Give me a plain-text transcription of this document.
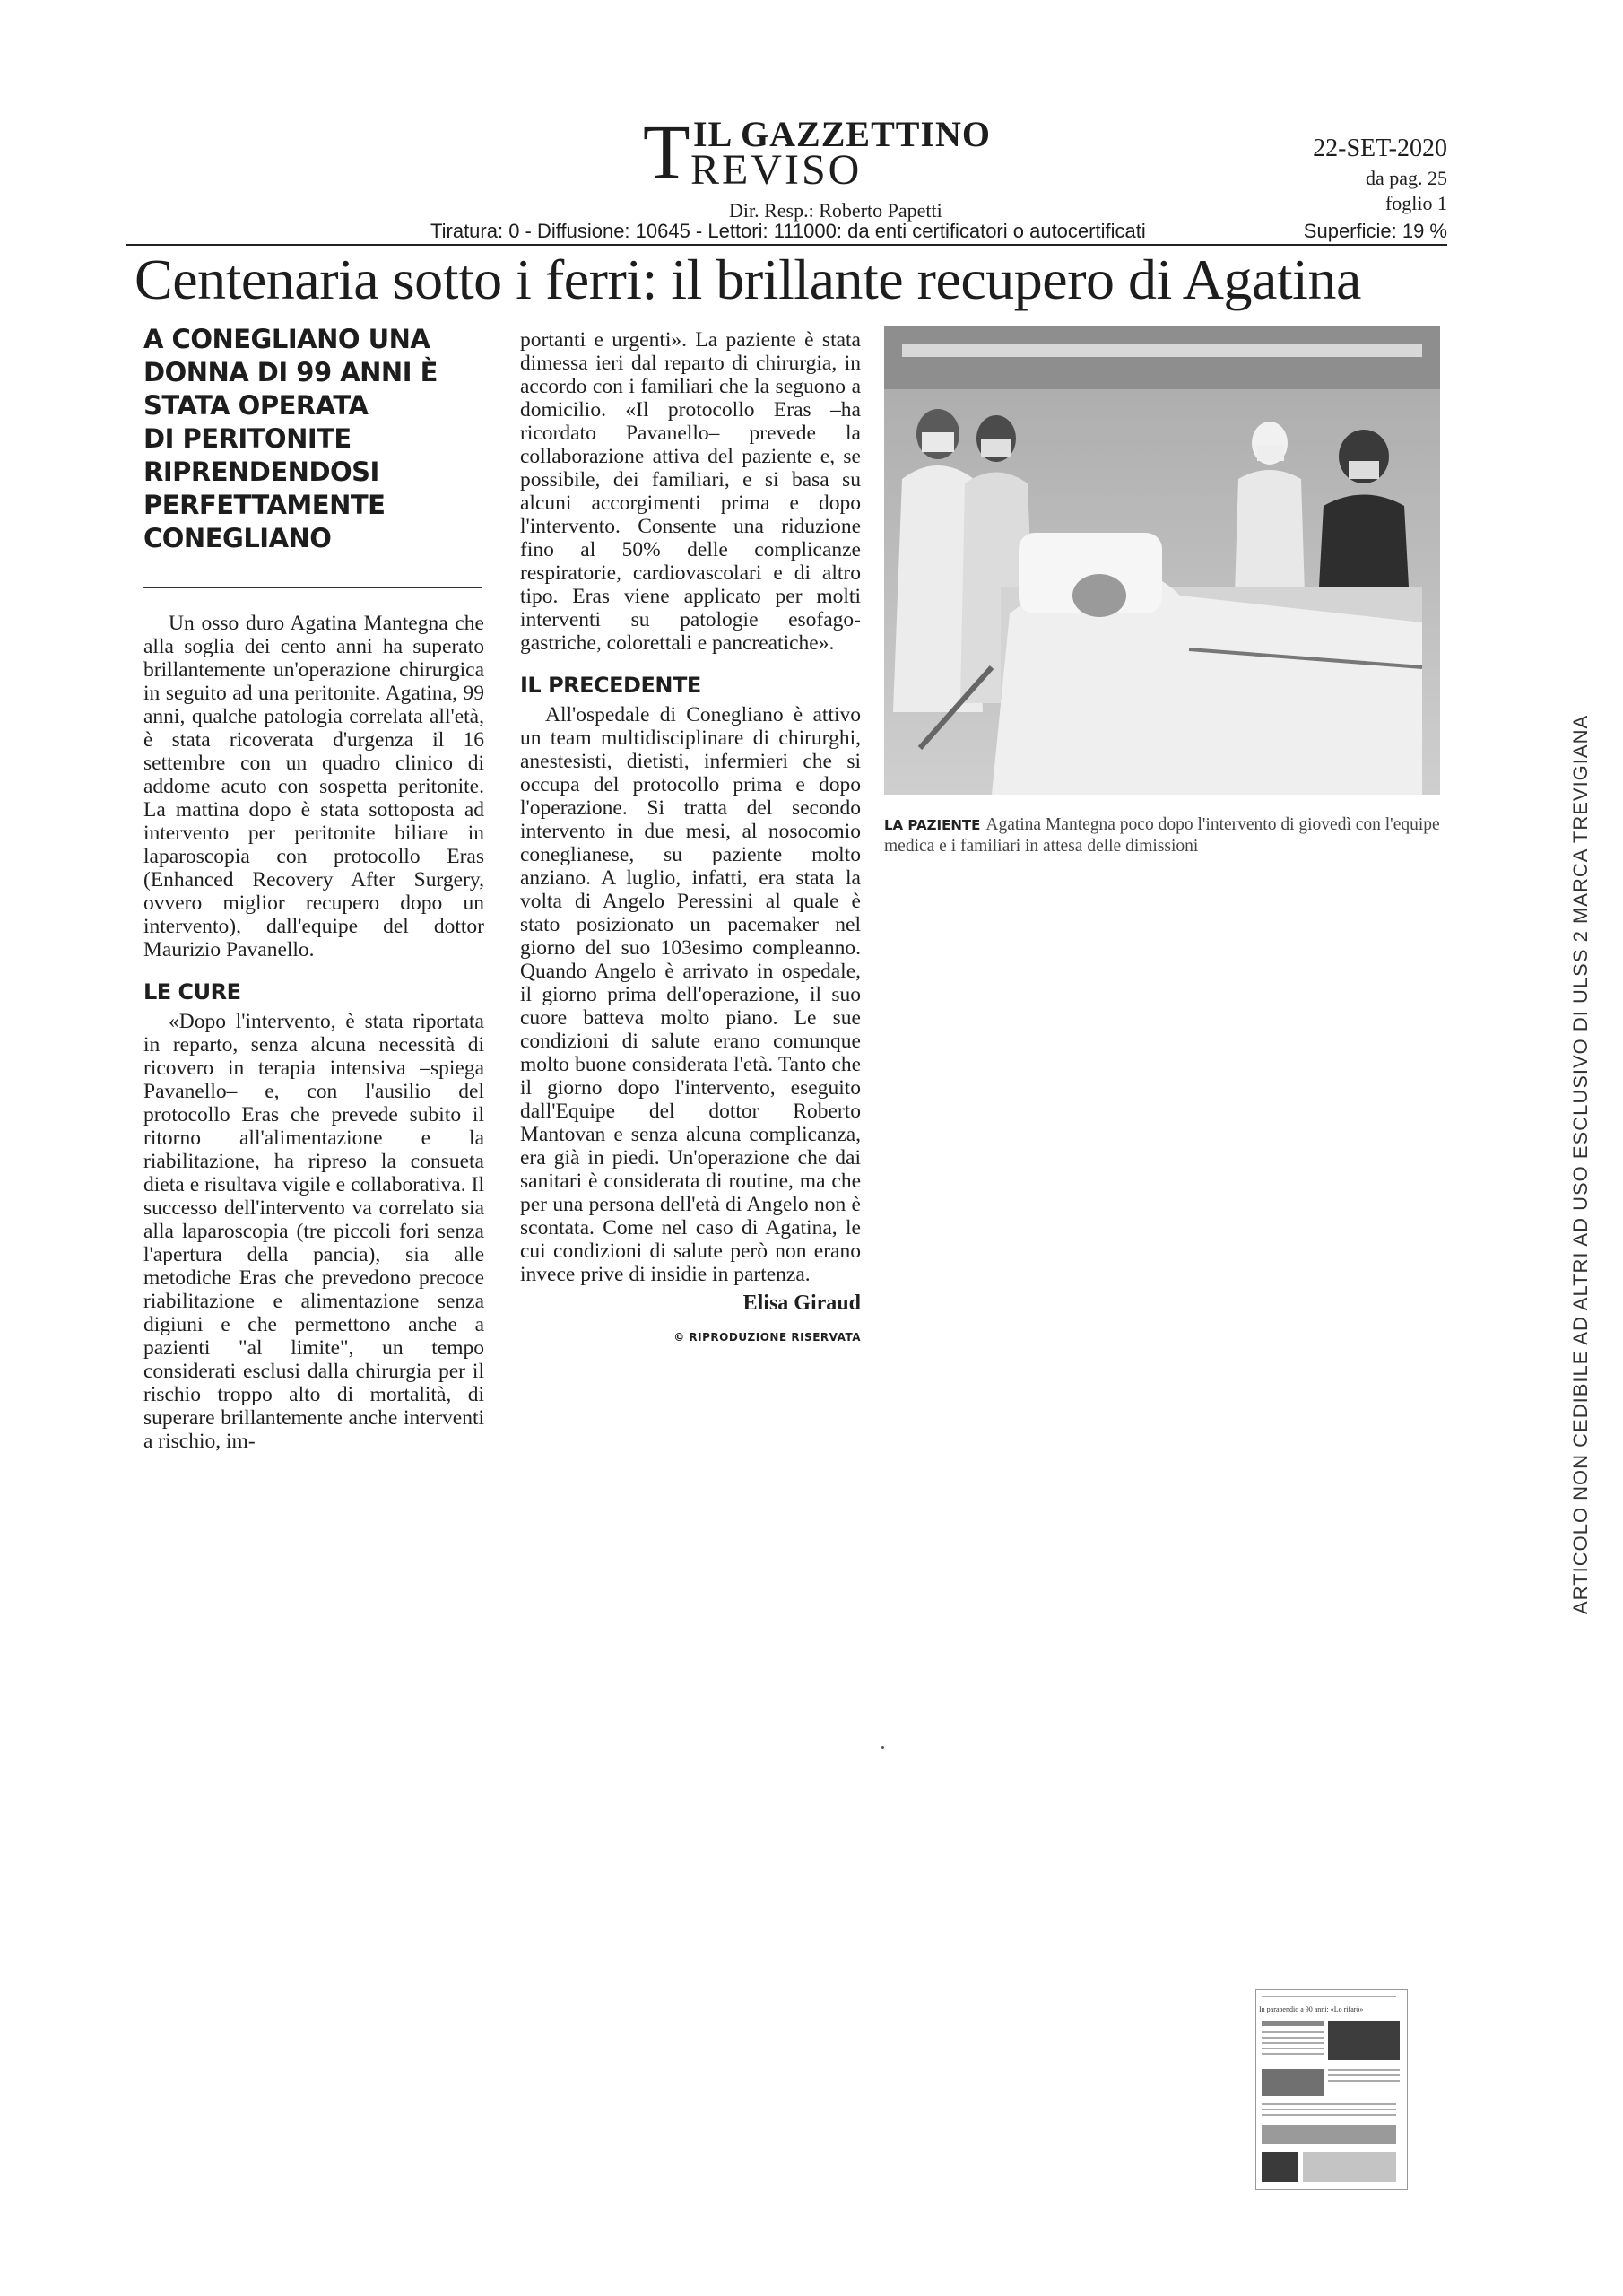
T IL GAZZETTINO
REVISO
Dir. Resp.: Roberto Papetti
22-SET-2020
da pag. 25
foglio 1
Tiratura: 0 - Diffusione: 10645 - Lettori: 111000: da enti certificatori o autocertificati	Superficie: 19 %
Centenaria sotto i ferri: il brillante recupero di Agatina
A CONEGLIANO UNA
DONNA DI 99 ANNI È
STATA OPERATA
DI PERITONITE
RIPRENDENDOSI
PERFETTAMENTE
CONEGLIANO

Un osso duro Agatina Mantegna che alla soglia dei cento anni ha superato brillantemente un'operazione chirurgica in seguito ad una peritonite. Agatina, 99 anni, qualche patologia correlata all'età, è stata ricoverata d'urgenza il 16 settembre con un quadro clinico di addome acuto con sospetta peritonite. La mattina dopo è stata sottoposta ad intervento per peritonite biliare in laparoscopia con protocollo Eras (Enhanced Recovery After Surgery, ovvero miglior recupero dopo un intervento), dall'equipe del dottor Maurizio Pavanello.

LE CURE

«Dopo l'intervento, è stata riportata in reparto, senza alcuna necessità di ricovero in terapia intensiva –spiega Pavanello– e, con l'ausilio del protocollo Eras che prevede subito il ritorno all'alimentazione e la riabilitazione, ha ripreso la consueta dieta e risultava vigile e collaborativa. Il successo dell'intervento va correlato sia alla laparoscopia (tre piccoli fori senza l'apertura della pancia), sia alle metodiche Eras che prevedono precoce riabilitazione e alimentazione senza digiuni e che permettono anche a pazienti "al limite", un tempo considerati esclusi dalla chirurgia per il rischio troppo alto di mortalità, di superare brillantemente anche interventi a rischio, im-

portanti e urgenti». La paziente è stata dimessa ieri dal reparto di chirurgia, in accordo con i familiari che la seguono a domicilio. «Il protocollo Eras –ha ricordato Pavanello– prevede la collaborazione attiva del paziente e, se possibile, dei familiari, e si basa su alcuni accorgimenti prima e dopo l'intervento. Consente una riduzione fino al 50% delle complicanze respiratorie, cardiovascolari e di altro tipo. Eras viene applicato per molti interventi su patologie esofago-gastriche, colorettali e pancreatiche».

IL PRECEDENTE

All'ospedale di Conegliano è attivo un team multidisciplinare di chirurghi, anestesisti, dietisti, infermieri che si occupa del protocollo prima e dopo l'operazione. Si tratta del secondo intervento in due mesi, al nosocomio coneglianese, su paziente molto anziano. A luglio, infatti, era stata la volta di Angelo Peressini al quale è stato posizionato un pacemaker nel giorno del suo 103esimo compleanno. Quando Angelo è arrivato in ospedale, il giorno prima dell'operazione, il suo cuore batteva molto piano. Le sue condizioni di salute erano comunque molto buone considerata l'età. Tanto che il giorno dopo l'intervento, eseguito dall'Equipe del dottor Roberto Mantovan e senza alcuna complicanza, era già in piedi. Un'operazione che dai sanitari è considerata di routine, ma che per una persona dell'età di Angelo non è scontata. Come nel caso di Agatina, le cui condizioni di salute però non erano invece prive di insidie in partenza.

Elisa Giraud
© RIPRODUZIONE RISERVATA
LA PAZIENTE Agatina Mantegna poco dopo l'intervento di giovedì con l'equipe medica e i familiari in attesa delle dimissioni	ARTICOLO NON CEDIBILE AD ALTRI AD USO ESCLUSIVO DI ULSS 2 MARCA TREVIGIANA
In parapendio a 90 anni: «Lo rifarò»
